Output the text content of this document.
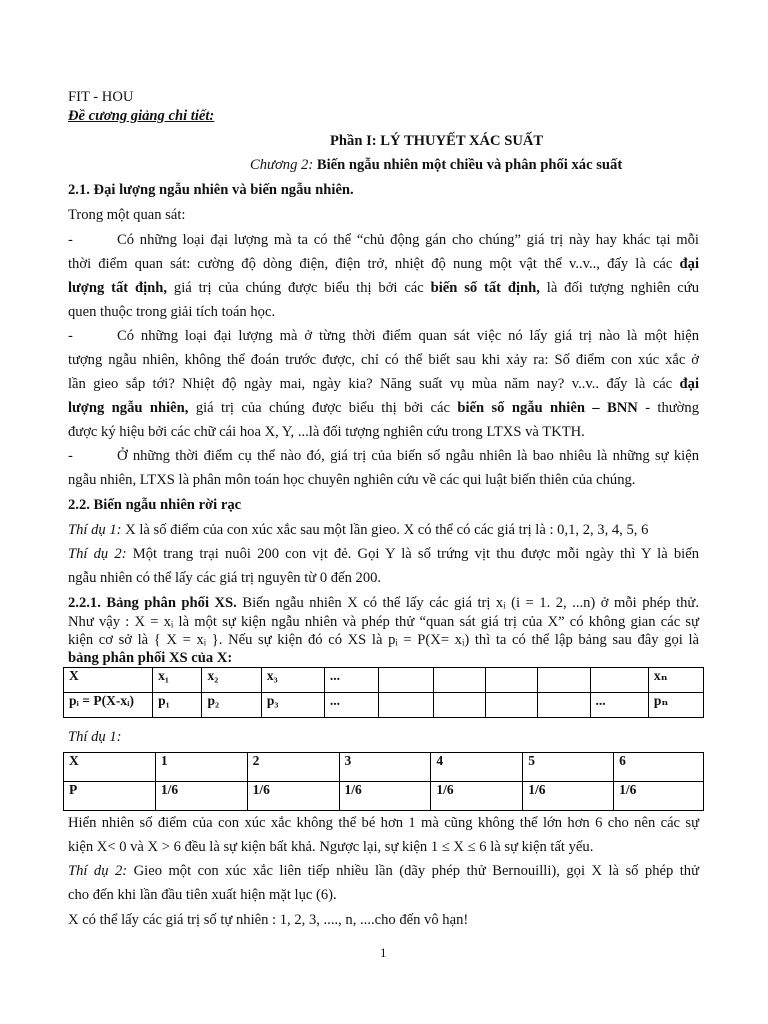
FIT - HOU
Đề cương giảng chi tiết:
Phần I: LÝ THUYẾT XÁC SUẤT
Chương 2: Biến ngẫu nhiên một chiều và phân phối xác suất
2.1. Đại lượng ngẫu nhiên và biến ngẫu nhiên.
Trong một quan sát:
-	Có những loại đại lượng mà ta có thể “chủ động gán cho chúng” giá trị này hay khác tại mỗi
thời điểm quan sát: cường độ dòng điện, điện trở, nhiệt độ nung một vật thể v..v.., đấy là các đại
lượng tất định, giá trị của chúng được biểu thị bởi các biến số tất định, là đối tượng nghiên cứu
quen thuộc trong giải tích toán học.
-	Có những loại đại lượng mà ở từng thời điểm quan sát việc nó lấy giá trị nào là một hiện
tượng ngẫu nhiên, không thể đoán trước được, chỉ có thể biết sau khi xảy ra: Số điểm con xúc xắc ở
lần gieo sắp tới? Nhiệt độ ngày mai, ngày kia? Năng suất vụ mùa năm nay? v..v.. đấy là các đại
lượng ngẫu nhiên, giá trị của chúng được biểu thị bởi các biến số ngẫu nhiên – BNN - thường
được ký hiệu bởi các chữ cái hoa X, Y, ...là đối tượng nghiên cứu trong LTXS và TKTH.
-	Ở những thời điểm cụ thể nào đó, giá trị của biến số ngẫu nhiên là bao nhiêu là những sự kiện
ngẫu nhiên, LTXS là phân môn toán học chuyên nghiên cứu về các qui luật biến thiên của chúng.
2.2. Biến ngẫu nhiên rời rạc
Thí dụ 1: X là số điểm của con xúc xắc sau một lần gieo. X có thể có các giá trị là : 0,1, 2, 3, 4, 5, 6
Thí dụ 2: Một trang trại nuôi 200 con vịt đẻ. Gọi Y là số trứng vịt thu được mỗi ngày thì Y là biến
ngẫu nhiên có thể lấy các giá trị nguyên từ 0 đến 200.
2.2.1. Bảng phân phối XS. Biến ngẫu nhiên X có thể lấy các giá trị xᵢ (i = 1. 2, ...n) ở mỗi phép thử.
Như vậy : X = xᵢ là một sự kiện ngẫu nhiên và phép thử “quan sát giá trị của X” có không gian các sự
kiện cơ sở là { X = xᵢ }. Nếu sự kiện đó có XS là pᵢ = P(X= xᵢ) thì ta có thể lập bảng sau đây gọi là
bảng phân phối XS của X:
X	x₁	x₂	x₃	...						xₙ
pᵢ = P(X-xᵢ)	p₁	p₂	p₃	...					...	pₙ
Thí dụ 1:
X	1	2	3	4	5	6
P	1/6	1/6	1/6	1/6	1/6	1/6
Hiển nhiên số điểm của con xúc xắc không thể bé hơn 1 mà cũng không thể lớn hơn 6 cho nên các sự
kiện X< 0 và X > 6 đều là sự kiện bất khả. Ngược lại, sự kiện 1 ≤ X ≤ 6 là sự kiện tất yếu.
Thí dụ 2: Gieo một con xúc xắc liên tiếp nhiều lần (dãy phép thử Bernouilli), gọi X là số phép thử
cho đến khi lần đầu tiên xuất hiện mặt lục (6).
X có thể lấy các giá trị số tự nhiên : 1, 2, 3, ...., n, ....cho đến vô hạn!
1
